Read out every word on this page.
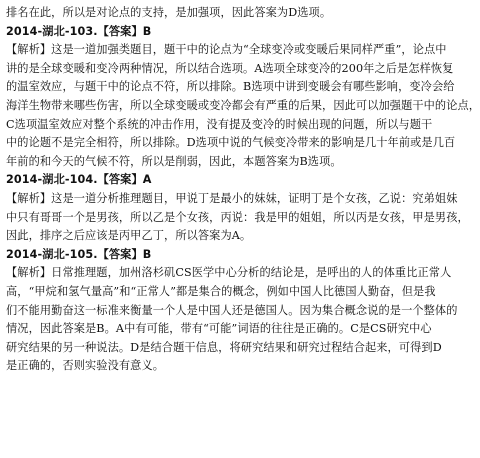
排名在此，所以是对论点的支持，是加强项，因此答案为D选项。
2014-湖北-103.【答案】B
【解析】这是一道加强类题目，题干中的论点为“全球变冷或变暖后果同样严重”，论点中
讲的是全球变暖和变冷两种情况，所以结合选项。A选项全球变冷的200年之后是怎样恢复
的温室效应，与题干中的论点不符，所以排除。B选项中讲到变暖会有哪些影响，变冷会给
海洋生物带来哪些伤害，所以全球变暖或变冷都会有严重的后果，因此可以加强题干中的论点，
C选项温室效应对整个系统的冲击作用，没有提及变冷的时候出现的问题，所以与题干
中的论题不是完全相符，所以排除。D选项中说的气候变冷带来的影响是几十年前或是几百
年前的和今天的气候不符，所以是削弱，因此，本题答案为B选项。
2014-湖北-104.【答案】A
【解析】这是一道分析推理题目，甲说丁是最小的妹妹，证明丁是个女孩，乙说：究弟姐妹
中只有哥哥一个是男孩，所以乙是个女孩，丙说：我是甲的姐姐，所以丙是女孩，甲是男孩，
因此，排序之后应该是丙甲乙丁，所以答案为A。
2014-湖北-105.【答案】B
【解析】日常推理题，加州洛杉矶CS医学中心分析的结论是，是呼出的人的体重比正常人
高，“甲烷和氢气量高”和“正常人”都是集合的概念，例如中国人比德国人勤奋，但是我
们不能用勤奋这一标准来衡量一个人是中国人还是德国人。因为集合概念说的是一个整体的
情况，因此答案是B。A中有可能，带有“可能”词语的往往是正确的。C是CS研究中心
研究结果的另一种说法。D是结合题干信息，将研究结果和研究过程结合起来，可得到D
是正确的，否则实验没有意义。
